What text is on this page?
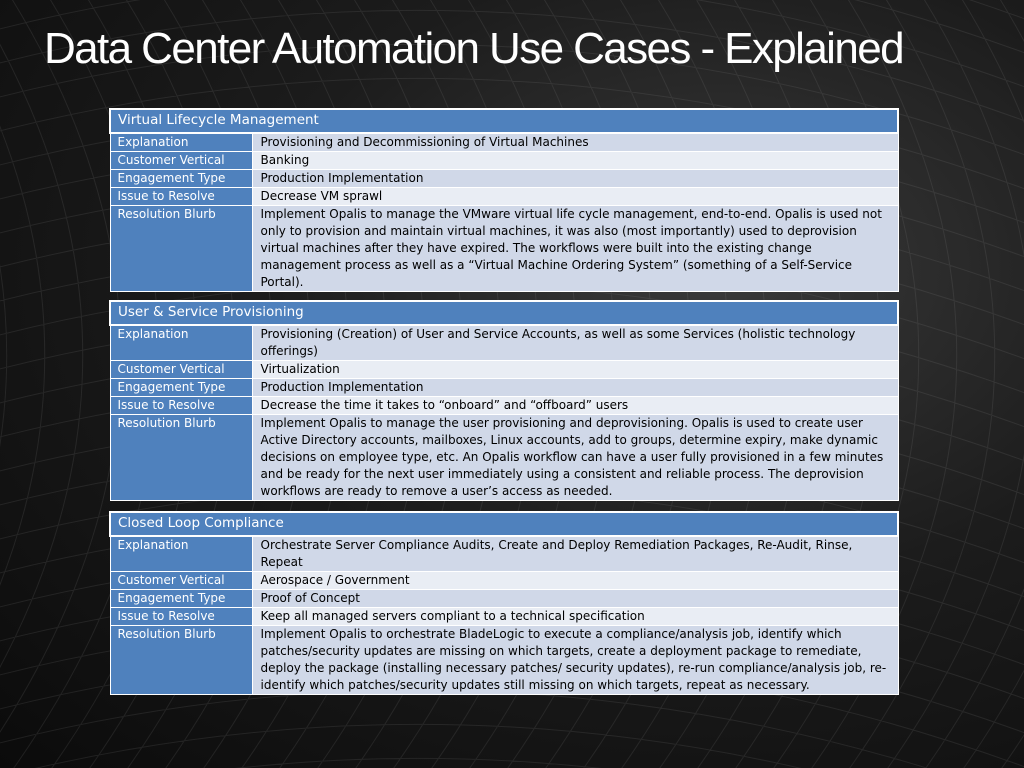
Data Center Automation Use Cases - Explained
Virtual Lifecycle Management	
Explanation	Provisioning and Decommissioning of Virtual Machines
Customer Vertical	Banking
Engagement Type	Production Implementation
Issue to Resolve	Decrease VM sprawl
Resolution Blurb	Implement Opalis to manage the VMware virtual life cycle management, end-to-end. Opalis is used not only to provision and maintain virtual machines, it was also (most importantly) used to deprovision virtual machines after they have expired. The workflows were built into the existing change management process as well as a “Virtual Machine Ordering System” (something of a Self-Service Portal).
User & Service Provisioning	
Explanation	Provisioning (Creation) of User and Service Accounts, as well as some Services (holistic technology offerings)
Customer Vertical	Virtualization
Engagement Type	Production Implementation
Issue to Resolve	Decrease the time it takes to “onboard” and “offboard” users
Resolution Blurb	Implement Opalis to manage the user provisioning and deprovisioning. Opalis is used to create user Active Directory accounts, mailboxes, Linux accounts, add to groups, determine expiry, make dynamic decisions on employee type, etc. An Opalis workflow can have a user fully provisioned in a few minutes and be ready for the next user immediately using a consistent and reliable process. The deprovision workflows are ready to remove a user’s access as needed.
Closed Loop Compliance	
Explanation	Orchestrate Server Compliance Audits, Create and Deploy Remediation Packages, Re-Audit, Rinse, Repeat
Customer Vertical	Aerospace / Government
Engagement Type	Proof of Concept
Issue to Resolve	Keep all managed servers compliant to a technical specification
Resolution Blurb	Implement Opalis to orchestrate BladeLogic to execute a compliance/analysis job, identify which patches/security updates are missing on which targets, create a deployment package to remediate, deploy the package (installing necessary patches/ security updates), re-run compliance/analysis job, re-identify which patches/security updates still missing on which targets, repeat as necessary.
